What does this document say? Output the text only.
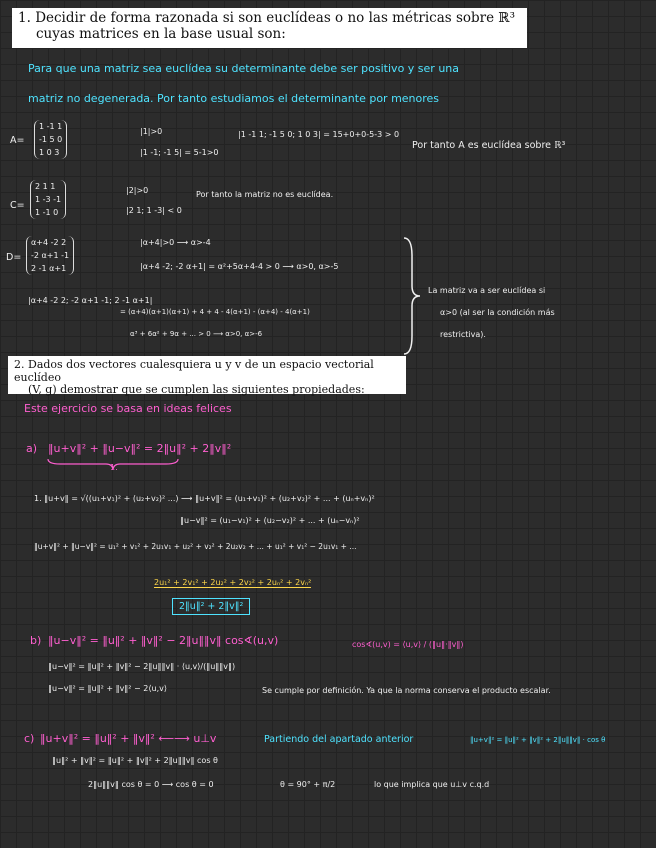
1. Decidir de forma razonada si son euclídeas o no las métricas sobre ℝ³
cuyas matrices en la base usual son:
2. Dados dos vectores cualesquiera u y v de un espacio vectorial euclídeo
(V, g) demostrar que se cumplen las siguientes propiedades:
Para que una matriz sea euclídea su determinante debe ser positivo y ser una
matriz no degenerada. Por tanto estudiamos el determinante por menores
A=
1 -1 1
-1 5 0
1 0 3
|1|>0
|1 -1; -1 5| = 5-1>0
|1 -1 1; -1 5 0; 1 0 3| = 15+0+0-5-3 > 0
Por tanto A es euclídea sobre ℝ³
C=
2 1 1
1 -3 -1
1 -1 0
|2|>0
|2 1; 1 -3| < 0
Por tanto la matriz no es euclídea.
D=
α+4 -2 2
-2 α+1 -1
2 -1 α+1
|α+4|>0 ⟶ α>-4
|α+4 -2; -2 α+1| = α²+5α+4-4 > 0 ⟶ α>0, α>-5
|α+4 -2 2; -2 α+1 -1; 2 -1 α+1|
= (α+4)(α+1)(α+1) + 4 + 4 - 4(α+1) - (α+4) - 4(α+1)
α³ + 6α² + 9α + ... > 0 ⟶ α>0, α>-6
La matriz va a ser euclídea si
α>0 (al ser la condición más
restrictiva).
Este ejercicio se basa en ideas felices
a) ‖u+v‖² + ‖u−v‖² = 2‖u‖² + 2‖v‖²
1.
1. ‖u+v‖ = √((u₁+v₁)² + (u₂+v₂)² ...) ⟶ ‖u+v‖² = (u₁+v₁)² + (u₂+v₂)² + ... + (uₙ+vₙ)²
‖u−v‖² = (u₁−v₁)² + (u₂−v₂)² + ... + (uₙ−vₙ)²
‖u+v‖² + ‖u−v‖² = u₁² + v₁² + 2u₁v₁ + u₂² + v₂² + 2u₂v₂ + ... + u₁² + v₁² − 2u₁v₁ + ...
2u₁² + 2v₁² + 2u₂² + 2v₂² + 2uₙ² + 2vₙ²
2‖u‖² + 2‖v‖²
b) ‖u−v‖² = ‖u‖² + ‖v‖² − 2‖u‖‖v‖ cos∢(u,v)	cos∢(u,v) = ⟨u,v⟩ / (‖u‖·‖v‖)
‖u−v‖² = ‖u‖² + ‖v‖² − 2‖u‖‖v‖ · ⟨u,v⟩/(‖u‖‖v‖)
‖u−v‖² = ‖u‖² + ‖v‖² − 2⟨u,v⟩	Se cumple por definición. Ya que la norma conserva el producto escalar.
c) ‖u+v‖² = ‖u‖² + ‖v‖² ⟵⟶ u⊥v	Partiendo del apartado anterior	‖u+v‖² = ‖u‖² + ‖v‖² + 2‖u‖‖v‖ · cos θ
‖u‖² + ‖v‖² = ‖u‖² + ‖v‖² + 2‖u‖‖v‖ cos θ
2‖u‖‖v‖ cos θ = 0 ⟶ cos θ = 0	θ = 90° + π/2	lo que implica que u⊥v c.q.d
